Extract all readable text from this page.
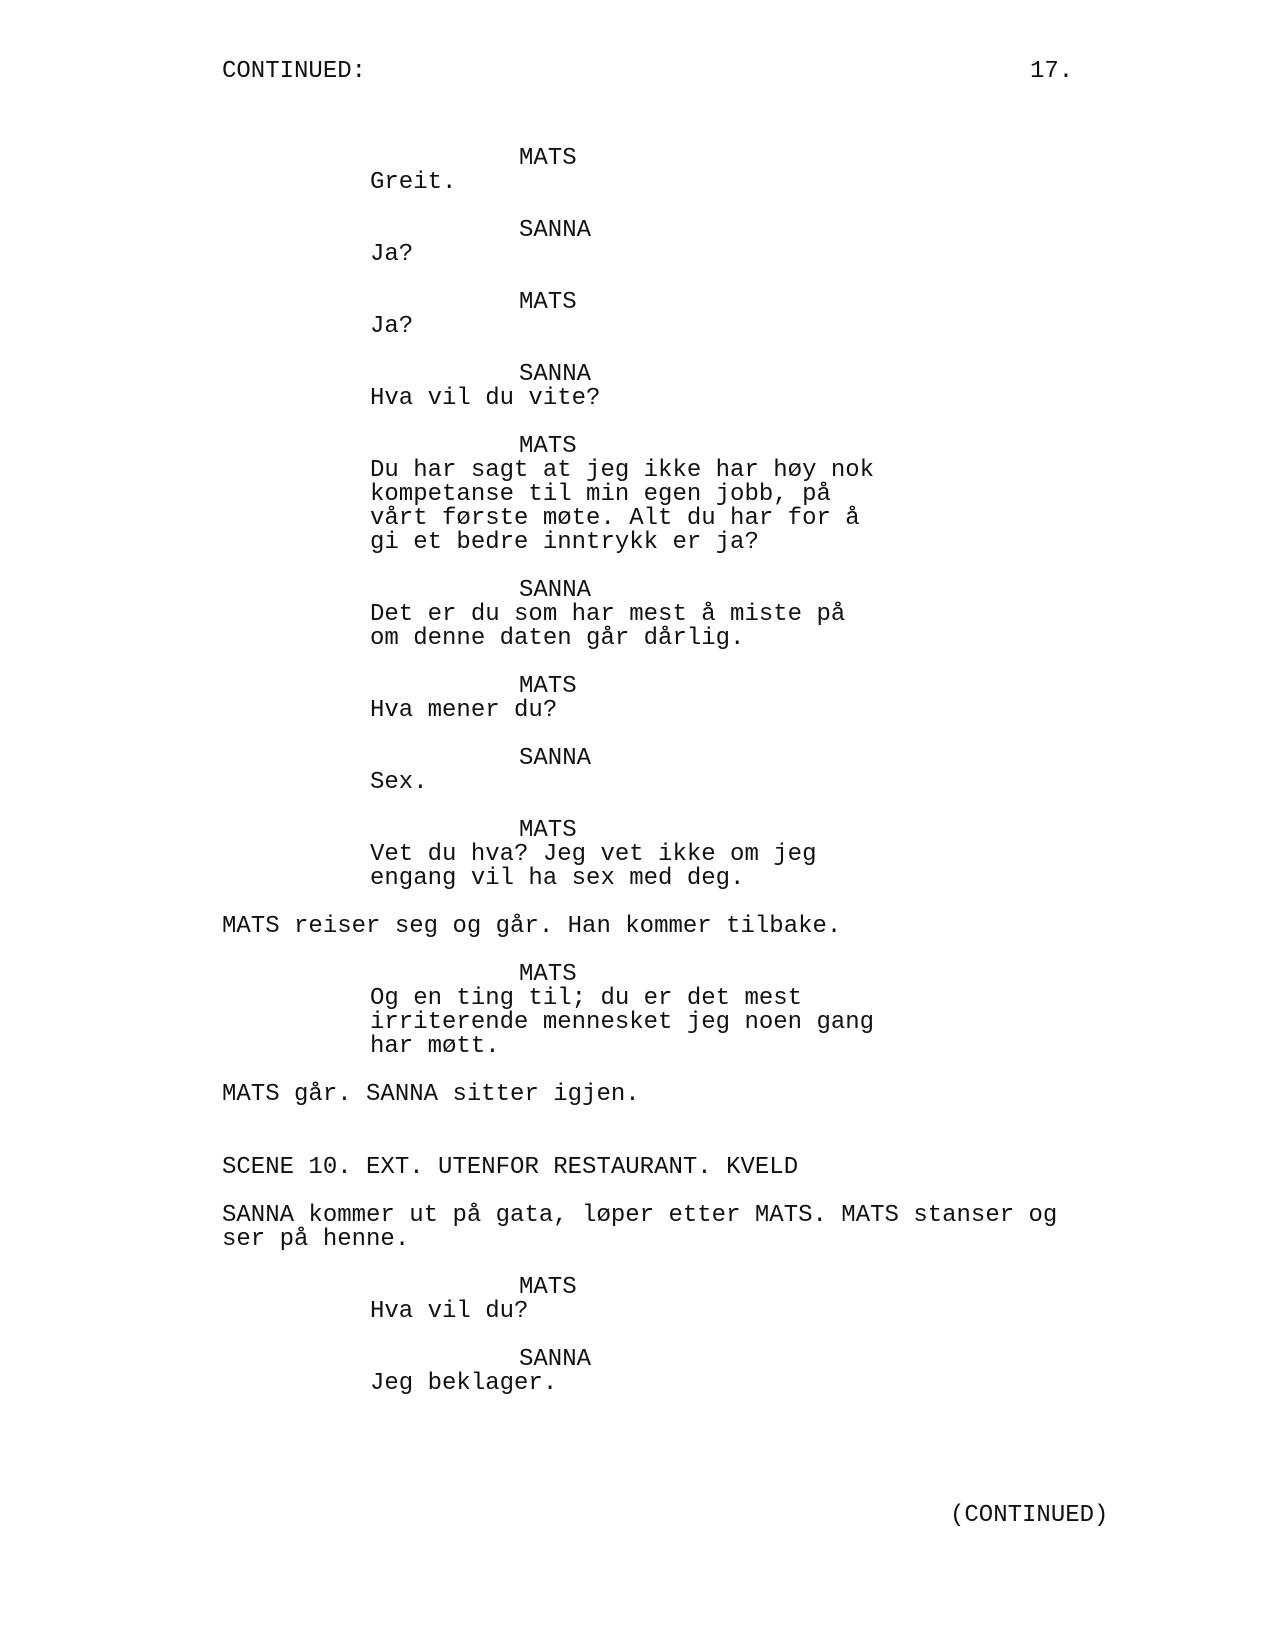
CONTINUED:	17.
MATS
Greit.
SANNA
Ja?
MATS
Ja?
SANNA
Hva vil du vite?
MATS
Du har sagt at jeg ikke har høy nok
kompetanse til min egen jobb, på
vårt første møte. Alt du har for å
gi et bedre inntrykk er ja?
SANNA
Det er du som har mest å miste på
om denne daten går dårlig.
MATS
Hva mener du?
SANNA
Sex.
MATS
Vet du hva? Jeg vet ikke om jeg
engang vil ha sex med deg.
MATS reiser seg og går. Han kommer tilbake.
MATS
Og en ting til; du er det mest
irriterende mennesket jeg noen gang
har møtt.
MATS går. SANNA sitter igjen.
SCENE 10. EXT. UTENFOR RESTAURANT. KVELD
SANNA kommer ut på gata, løper etter MATS. MATS stanser og
ser på henne.
MATS
Hva vil du?
SANNA
Jeg beklager.
(CONTINUED)
